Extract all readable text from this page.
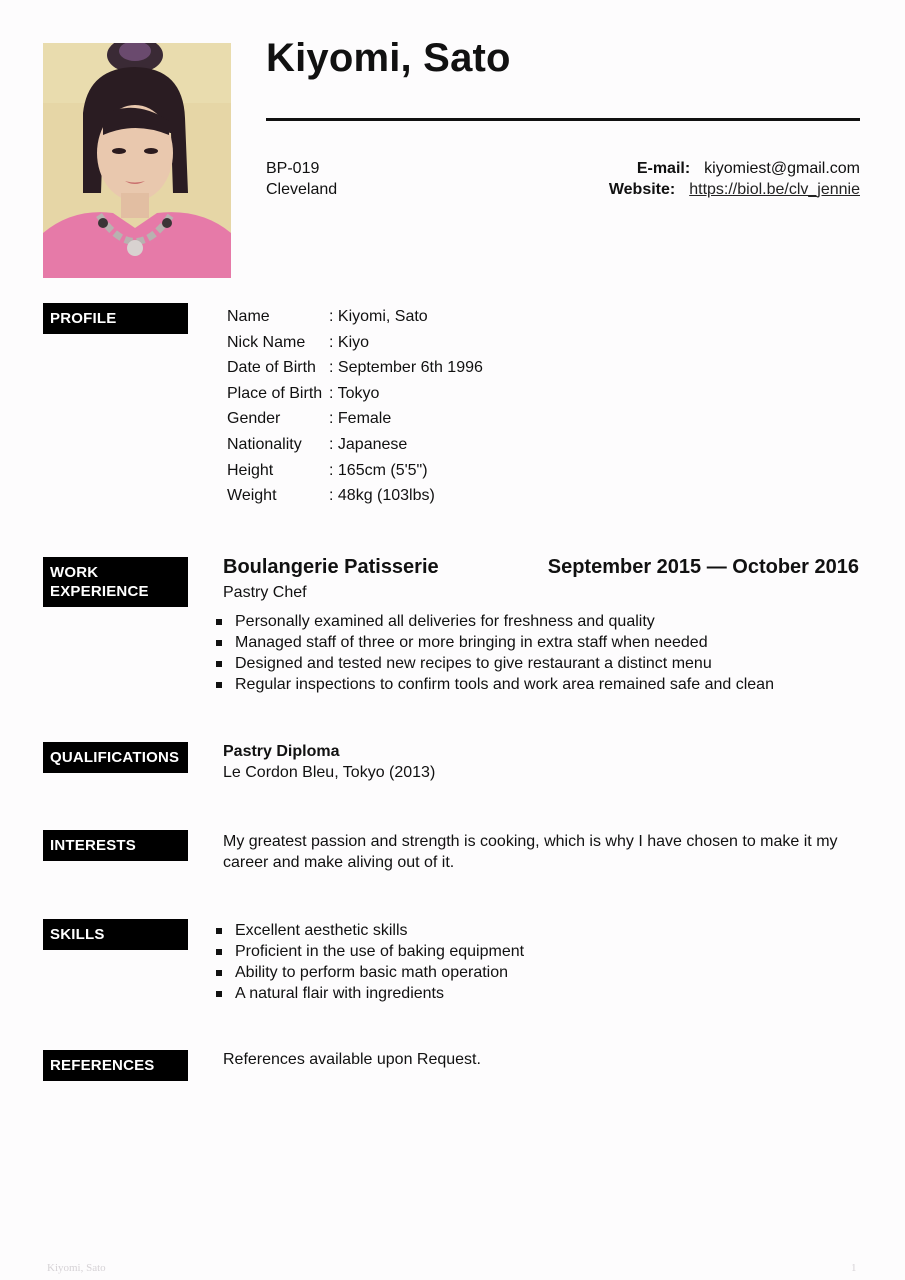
Kiyomi, Sato
BP-019
Cleveland
E-mail: kiyomiest@gmail.com
Website: https://biol.be/clv_jennie
PROFILE	Name	: Kiyomi, Sato
Nick Name	: Kiyo
Date of Birth	: September 6th 1996
Place of Birth : Tokyo
Gender	: Female
Nationality	: Japanese
Height	: 165cm (5'5")
Weight	: 48kg (103lbs)
WORK
EXPERIENCE
Boulangerie Patisserie	September 2015 — October 2016
Pastry Chef
Personally examined all deliveries for freshness and quality
Managed staff of three or more bringing in extra staff when needed
Designed and tested new recipes to give restaurant a distinct menu
Regular inspections to confirm tools and work area remained safe and clean
QUALIFICATIONS	Pastry Diploma
Le Cordon Bleu, Tokyo (2013)
INTERESTS	My greatest passion and strength is cooking, which is why I have chosen to make it my career and make aliving out of it.
SKILLS	Excellent aesthetic skills
Proficient in the use of baking equipment
Ability to perform basic math operation
A natural flair with ingredients
REFERENCES	References available upon Request.
Kiyomi, Sato	1
